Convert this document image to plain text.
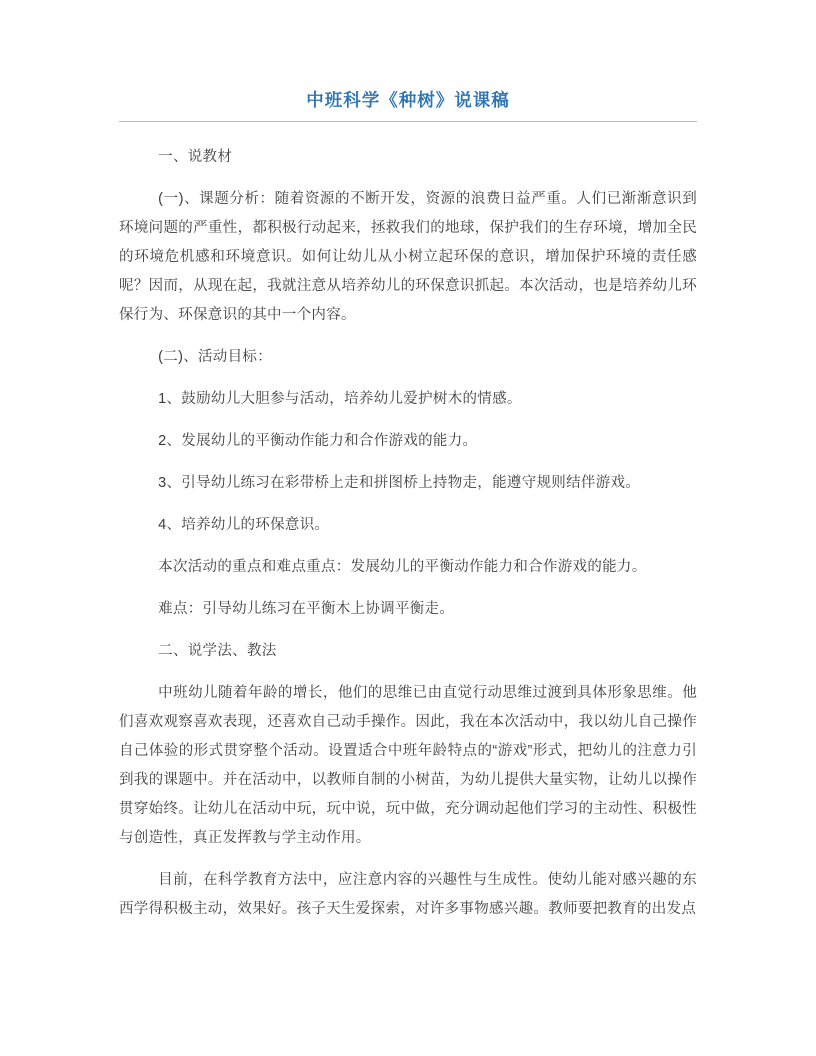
中班科学《种树》说课稿

一、说教材

(一)、课题分析：随着资源的不断开发，资源的浪费日益严重。人们已渐渐意识到环境问题的严重性，都积极行动起来，拯救我们的地球，保护我们的生存环境，增加全民的环境危机感和环境意识。如何让幼儿从小树立起环保的意识，增加保护环境的责任感呢？因而，从现在起，我就注意从培养幼儿的环保意识抓起。本次活动，也是培养幼儿环保行为、环保意识的其中一个内容。

(二)、活动目标：

1、鼓励幼儿大胆参与活动，培养幼儿爱护树木的情感。

2、发展幼儿的平衡动作能力和合作游戏的能力。

3、引导幼儿练习在彩带桥上走和拼图桥上持物走，能遵守规则结伴游戏。

4、培养幼儿的环保意识。

本次活动的重点和难点重点：发展幼儿的平衡动作能力和合作游戏的能力。

难点：引导幼儿练习在平衡木上协调平衡走。

二、说学法、教法

中班幼儿随着年龄的增长，他们的思维已由直觉行动思维过渡到具体形象思维。他们喜欢观察喜欢表现，还喜欢自己动手操作。因此，我在本次活动中，我以幼儿自己操作自己体验的形式贯穿整个活动。设置适合中班年龄特点的“游戏”形式，把幼儿的注意力引到我的课题中。并在活动中，以教师自制的小树苗，为幼儿提供大量实物，让幼儿以操作贯穿始终。让幼儿在活动中玩，玩中说，玩中做，充分调动起他们学习的主动性、积极性与创造性，真正发挥教与学主动作用。

目前，在科学教育方法中，应注意内容的兴趣性与生成性。使幼儿能对感兴趣的东西学得积极主动，效果好。孩子天生爱探索，对许多事物感兴趣。教师要把教育的出发点
